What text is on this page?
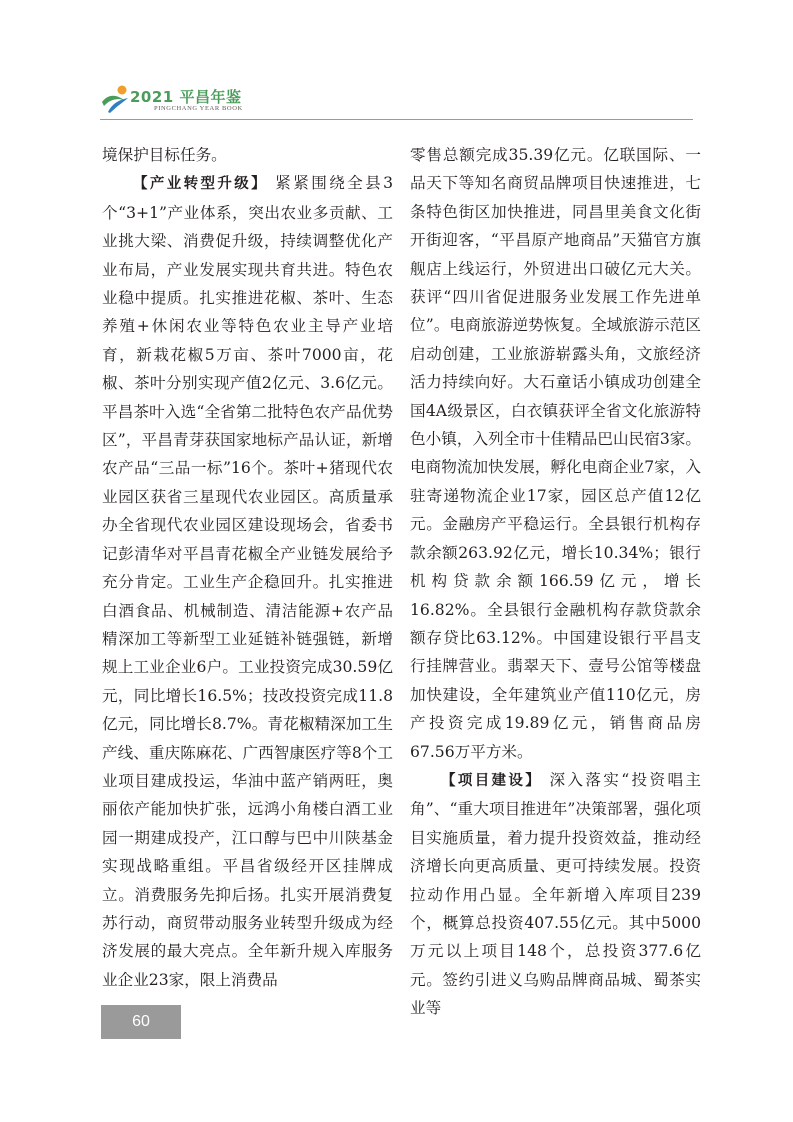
2021 平昌年鉴
PINGCHANG YEAR BOOK

境保护目标任务。

【产业转型升级】 紧紧围绕全县3个“3+1”产业体系，突出农业多贡献、工业挑大梁、消费促升级，持续调整优化产业布局，产业发展实现共育共进。特色农业稳中提质。扎实推进花椒、茶叶、生态养殖+休闲农业等特色农业主导产业培育，新栽花椒5万亩、茶叶7000亩，花椒、茶叶分别实现产值2亿元、3.6亿元。平昌茶叶入选“全省第二批特色农产品优势区”，平昌青芽获国家地标产品认证，新增农产品“三品一标”16个。茶叶+猪现代农业园区获省三星现代农业园区。高质量承办全省现代农业园区建设现场会，省委书记彭清华对平昌青花椒全产业链发展给予充分肯定。工业生产企稳回升。扎实推进白酒食品、机械制造、清洁能源+农产品精深加工等新型工业延链补链强链，新增规上工业企业6户。工业投资完成30.59亿元，同比增长16.5%；技改投资完成11.8亿元，同比增长8.7%。青花椒精深加工生产线、重庆陈麻花、广西智康医疗等8个工业项目建成投运，华油中蓝产销两旺，奥丽依产能加快扩张，远鸿小角楼白酒工业园一期建成投产，江口醇与巴中川陕基金实现战略重组。平昌省级经开区挂牌成立。消费服务先抑后扬。扎实开展消费复苏行动，商贸带动服务业转型升级成为经济发展的最大亮点。全年新升规入库服务业企业23家，限上消费品

零售总额完成35.39亿元。亿联国际、一品天下等知名商贸品牌项目快速推进，七条特色街区加快推进，同昌里美食文化街开街迎客，“平昌原产地商品”天猫官方旗舰店上线运行，外贸进出口破亿元大关。获评“四川省促进服务业发展工作先进单位”。电商旅游逆势恢复。全域旅游示范区启动创建，工业旅游崭露头角，文旅经济活力持续向好。大石童话小镇成功创建全国4A级景区，白衣镇获评全省文化旅游特色小镇，入列全市十佳精品巴山民宿3家。电商物流加快发展，孵化电商企业7家，入驻寄递物流企业17家，园区总产值12亿元。金融房产平稳运行。全县银行机构存款余额263.92亿元，增长10.34%；银行机构贷款余额166.59亿元，增长16.82%。全县银行金融机构存款贷款余额存贷比63.12%。中国建设银行平昌支行挂牌营业。翡翠天下、壹号公馆等楼盘加快建设，全年建筑业产值110亿元，房产投资完成19.89亿元，销售商品房67.56万平方米。

【项目建设】 深入落实“投资唱主角”、“重大项目推进年”决策部署，强化项目实施质量，着力提升投资效益，推动经济增长向更高质量、更可持续发展。投资拉动作用凸显。全年新增入库项目239个，概算总投资407.55亿元。其中5000万元以上项目148个，总投资377.6亿元。签约引进义乌购品牌商品城、蜀茶实业等

60
